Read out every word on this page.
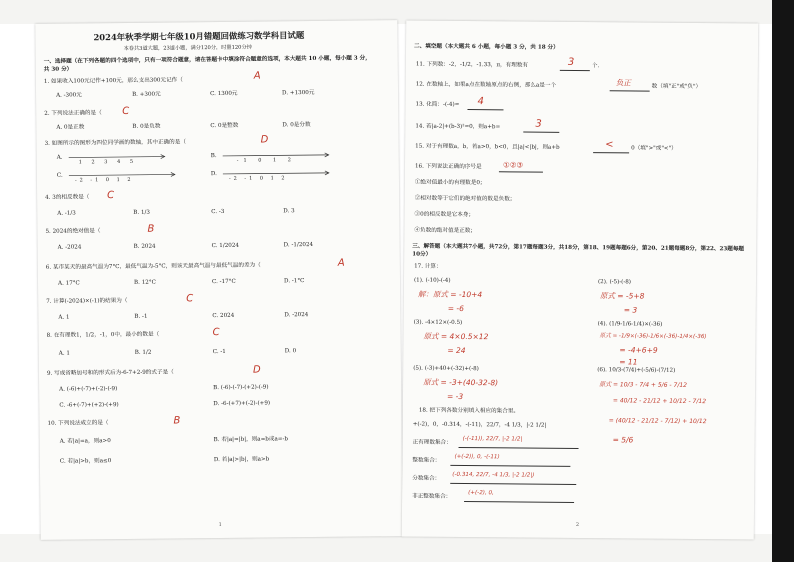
2024年秋季学期七年级10月错题回做练习数学科目试题
本卷共3道大题，23道小题，满分120分，时量120分钟
一、选择题（在下列各题的四个选项中，只有一项符合题意，请在答题卡中填涂符合题意的选项，本大题共 10 小题，每小题 3 分，共 30 分）
1. 如果收入100元记作+100元，那么支出300元记作（
A. -300元	B. +300元	C. 1300元	D. +1300元
A
2. 下列说法正确的是（ C
A. 0是正数	B. 0是负数	C. 0是整数	D. 0是分数
3. 如图所示的图形为四位同学画的数轴，其中正确的是（	D
A.
1 2 3 4 5
B.
-1 0 1 2
C.
-2 -1 0 1 2
D.
-2 -1 0 1 2
4. 3的相反数是（ C
A. -1/3	B. 1/3	C. -3	D. 3
5. 2024的绝对值是（	B
A. -2024	B. 2024	C. 1/2024	D. -1/2024
6. 某市某天的最高气温为7°C，最低气温为-5°C，则该天最高气温与最低气温的差为（	A
A. 17°C	B. 12°C	C. -17°C	D. -1°C
7. 计算(-2024)×(-1)的结果为（	C
A. 1	B. -1	C. 2024	D. -2024
8. 在有理数1，1/2，-1，0中，最小的数是（	C
A. 1	B. 1/2	C. -1	D. 0
9. 写成省略加号和的形式后为-6-7+2-9的式子是（	D
A. (-6)+(-7)+(-2)-(-9)	B. (-6)-(-7)-(+2)-(-9)
C. -6+(-7)+(+2)-(+9)	D. -6-(+7)+(-2)-(+9)
10. 下列说法成立的是（	B
A. 若|a|=a，则a>0	B. 若|a|=|b|，则a=b或a=-b
C. 若|a|>b，则a≤0	D. 若|a|>|b|，则a>b
1
二、填空题（本大题共 6 小题，每小题 3 分，共 18 分）
11. 下列数：-2，-1/2，-1.33，π，有理数有	3	个.
12. 在数轴上，如果a点在数轴原点的右侧，那么a是一个	负正	数（填"正"或"负"）
13. 化简：-(-4)= 4
14. 若|a-2|+(b-3)²=0，则a+b=	3
15. 对于有理数a，b，若a>0，b<0，且|a|<|b|，则a+b	<	0（填">"或"<"）
16. 下列说法正确的序号是	①②③
①绝对值最小的有理数是0；
②相对数等于它们的绝对值的数是负数；
③0的相反数是它本身；
④负数的绝对值是正数；
三、解答题（本大题共7小题，共72分，第17题每题3分，共18分，第18、19题每题6分，第20、21题每题8分，第22、23题每题10分）
17. 计算：
(1). (-10)-(-4)
解：原式 = -10+4
= -6
(2). (-5)-(-8)
原式 = -5+8
= 3
(3). -4×12×(-0.5)
原式 = 4×0.5×12
= 24
(4). (1/9-1/6-1/4)×(-36)
原式 = -1/9×(-36)-1/6×(-36)-1/4×(-36)
= -4+6+9
= 11
(5). (-3)+40+(-32)+(-8)
原式 = -3+(40-32-8)
= -3
(6). 10/3-(7/4)+(-5/6)-(7/12)
原式 = 10/3 - 7/4 + 5/6 - 7/12
= 40/12 - 21/12 + 10/12 - 7/12
= (40/12 - 21/12 - 7/12) + 10/12
= 5/6
18. 把下列各数分别填入相应的集合里。
+(-2)，0，-0.314，-(-11)，22/7，-4 1/3，|-2 1/2|
正有理数集合：
(-(-11)), 22/7, |-2 1/2|
整数集合：
(+(-2)), 0, -(-11)
分数集合：
(-0.314, 22/7, -4 1/3, |-2 1/2|)
非正整数集合：
(+(-2), 0,
2
